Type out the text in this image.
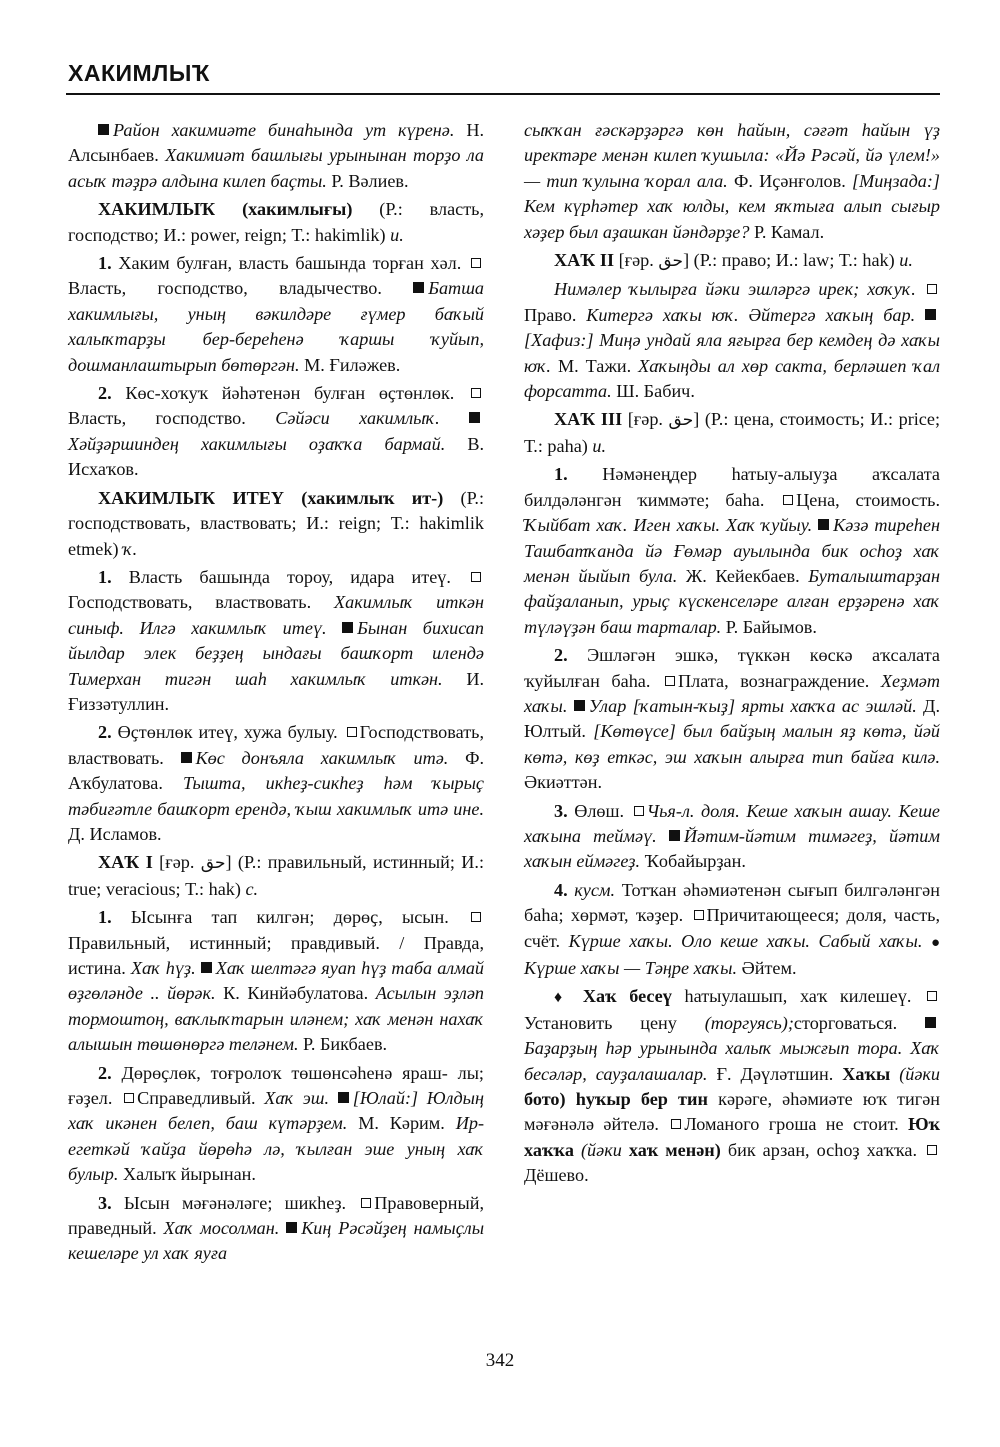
ХАКИМЛЫҠ

Район хакимиәте бинаһында ут күренә. Н. Алсынбаев. Хакимиәт башлығы урынынан торҙо ла асыҡ тәҙрә алдына килеп баҫты. Р. Вәлиев.

ХАКИМЛЫҠ (хакимлығы) (Р.: власть, господство; И.: power, reign; Т.: hakimlik) и.

1. Хаким булған, власть башында торған хәл. Власть, господство, владычество.	Батша хакимлығы, уның вәкилдәре ғүмер баҡый халыҡтарҙы бер-береһенә ҡаршы ҡуйып, дошманлаштырып бөтөргән. М. Ғиләжев.

2. Көс-хоҡуҡ йәһәтенән булған өҫтөнлөк. Власть, господство. Сәйәси хакимлыҡ. Хәйҙәршиндең хакимлығы оҙаҡҡа бармай. В. Исхаҡов.

ХАКИМЛЫҠ ИТЕҮ (хакимлыҡ ит-) (Р.: господствовать, властвовать; И.: reign; Т.: hakimlik etmek) ҡ.

1. Власть башында тороу, идара итеү. Господствовать, властвовать. Хакимлыҡ иткән синыф. Илгә хакимлыҡ итеү. Бынан бихисап йылдар элек беҙҙең ындағы башҡорт илендә Тимерхан тигән шаһ хакимлыҡ иткән. И. Ғиззәтуллин.

2. Өҫтөнлөк итеү, хужа булыу. Господствовать, властвовать. Көс донъяла хакимлыҡ итә. Ф. Аҡбулатова. Тышта, икһеҙ-сикһеҙ һәм ҡырыҫ тәбиғәтле башҡорт ерендә, ҡыш хакимлыҡ итә ине. Д. Исламов.

ХАҠ I [ғәр. حق] (Р.: правильный, истинный; И.: true; veracious; Т.: hak) с.

1. Ысынға тап килгән; дөрөҫ, ысын. Правильный, истинный; правдивый. / Правда, истина. Хаҡ һүҙ. Хаҡ шелтәгә яуап һүҙ таба алмай өҙгөләнде .. йөрәк. К. Кинйәбулатова. Асылын эҙләп тормоштоң, ваҡлыҡтарын иләнем; хаҡ менән нахаҡ алышын төшөнөргә теләнем. Р. Бикбаев.

2. Дөрөҫлөк, тоғролоҡ төшөнсәһенә яраш- лы; ғәҙел. Справедливый. Хаҡ эш. [Юлай:] Юлдың хаҡ икәнен белеп, баш күтәрҙем. М. Кәрим. Ир-егеткәй ҡайҙа йөрөһә лә, ҡылған эше уның хаҡ булыр. Халыҡ йырынан.

3. Ысын мәғәнәләге; шикһеҙ. Правоверный, праведный. Хаҡ мосолман. Киң Рәсәйҙең намыҫлы кешеләре ул хаҡ яуға

сыҡҡан ғәскәрҙәргә көн һайын, сәғәт һайын үҙ иректәре менән килеп ҡушыла: «Йә Рәсәй, йә үлем!» — тип ҡулына ҡорал ала. Ф. Иҫәнғолов. [Миңзада:] Кем күрһәтер хаҡ юлды, кем яҡтыға алып сығыр хәҙер был аҙашкан йәндәрҙе? Р. Камал.

ХАҠ II [ғәр. حق] (Р.: право; И.: law; Т.: hak) и.

Нимәлер ҡылырға йәки эшләргә ирек; хоҡуҡ. Право. Китергә хаҡы юҡ. Әйтергә хаҡың бар. [Хафиз:] Миңә ундай яла яғырға бер кемдең дә хаҡы юҡ. М. Тажи. Хаҡыңды ал хөр сакта, берләшеп ҡал форсатта. Ш. Бабич.

ХАҠ III [ғәр. حق] (Р.: цена, стоимость; И.: price; Т.: paha) и.

1. Нәмәнеңдер һатыу-алыуҙа аҡсалата билдәләнгән ҡиммәте; баһа. Цена, стоимость. Ҡыйбат хаҡ. Иген хаҡы. Хаҡ ҡуйыу. Кәзә тиреһен Ташбатҡанда йә Ғөмәр ауылында бик осһоҙ хаҡ менән йыйып була. Ж. Кейекбаев. Буталыштарҙан файҙаланып, урыҫ күскенселәре алған ерҙәренә хаҡ түләүҙән баш тарталар. Р. Байымов.

2. Эшләгән эшкә, түккән көскә аҡсалата ҡуйылған баһа. Плата, вознаграждение. Хеҙмәт хаҡы. Улар [ҡатын-ҡыҙ] ярты хаҡҡа ас эшләй. Д. Юлтый. [Көтөүсе] был байҙың малын яҙ көтә, йәй көтә, көҙ еткәс, эш хаҡын алырға тип байға килә. Әкиәттән.

3. Өлөш. Чья-л. доля. Кеше хаҡын ашау. Кеше хаҡына теймәү. Йәтим-йәтим тимәгеҙ, йәтим хаҡын еймәгеҙ. Ҡобайырҙан.

4. кусм. Тотҡан әһәмиәтенән сығып билгәләнгән баһа; хөрмәт, ҡәҙер. Причитающееся; доля, часть, счёт. Күрше хаҡы. Оло кеше хаҡы. Сабый хаҡы. ● Күрше хаҡы — Тәңре хаҡы. Әйтем.

♦ Хаҡ бесеү һатыулашып, хаҡ килешеү. Установить цену (торгуясь);сторговаться. Баҙарҙың һәр урынында халыҡ мыжғып тора. Хаҡ бесәләр, сауҙалашалар. Ғ. Дәүләтшин. Хаҡы (йәки бото) һуҡыр бер тин кәрәге, әһәмиәте юҡ тигән мәғәнәлә әйтелә. Ломаного гроша не стоит. Юҡ хаҡҡа (йәки хаҡ менән) бик арзан, осһоҙ хаҡҡа. Дёшево.

342
